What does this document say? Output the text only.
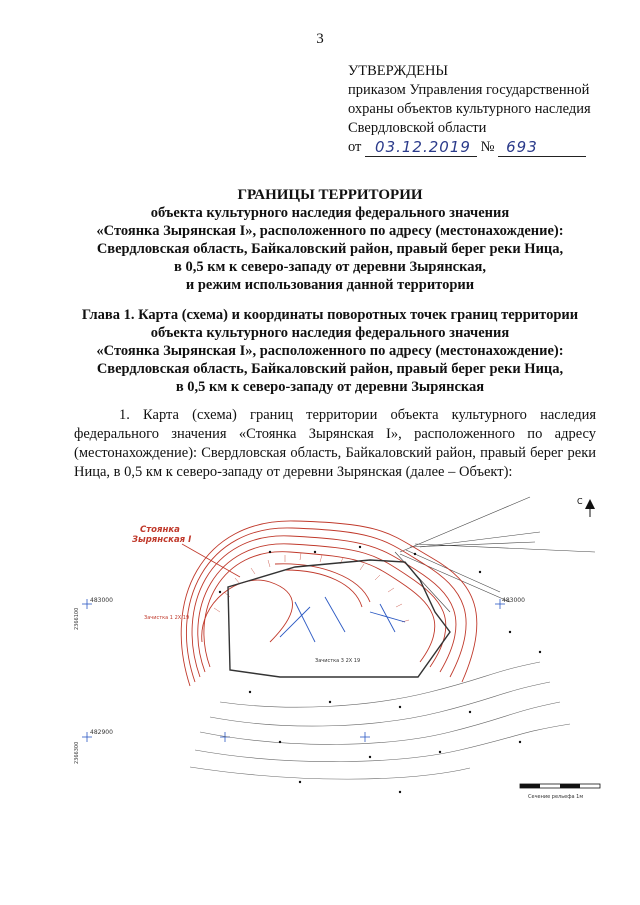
3
УТВЕРЖДЕНЫ
приказом Управления государственной
охраны объектов культурного наследия
Свердловской области
от 03.12.2019 № 693
ГРАНИЦЫ ТЕРРИТОРИИ
объекта культурного наследия федерального значения
«Стоянка Зырянская I», расположенного по адресу (местонахождение):
Свердловская область, Байкаловский район, правый берег реки Ница,
в 0,5 км к северо-западу от деревни Зырянская,
и режим использования данной территории
Глава 1. Карта (схема) и координаты поворотных точек границ территории
объекта культурного наследия федерального значения
«Стоянка Зырянская I», расположенного по адресу (местонахождение):
Свердловская область, Байкаловский район, правый берег реки Ница,
в 0,5 км к северо-западу от деревни Зырянская
1. Карта (схема) границ территории объекта культурного наследия федерального значения «Стоянка Зырянская I», расположенного по адресу (местонахождение): Свердловская область, Байкаловский район, правый берег реки Ница, в 0,5 км к северо-западу от деревни Зырянская (далее – Объект):
С
483000	483000
482900
2366100
2366300
Стоянка
Зырянская I
Зачистка 1 2Х 19
Зачистка 3 2Х 19
Сечение рельефа 1м
